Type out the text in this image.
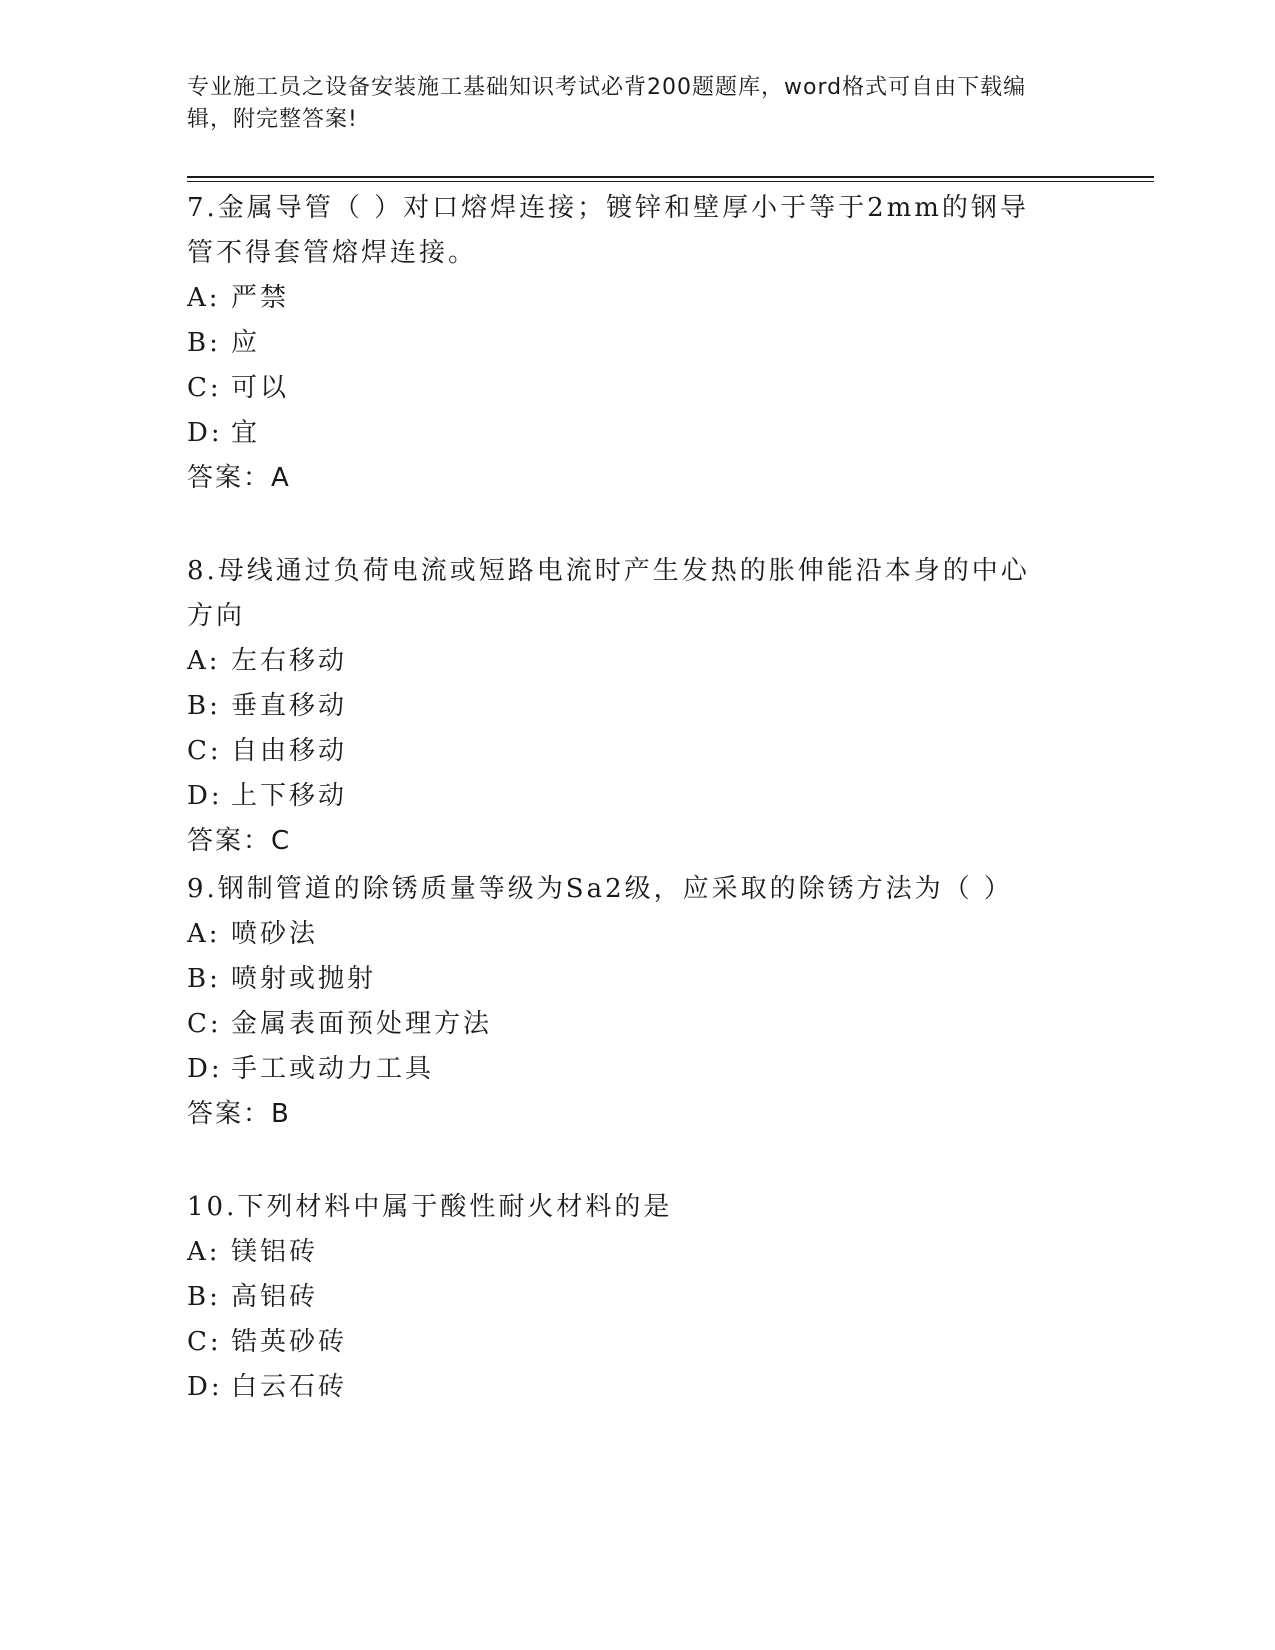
专业施工员之设备安装施工基础知识考试必背200题题库，word格式可自由下载编辑，附完整答案!

7.金属导管（ ）对口熔焊连接；镀锌和壁厚小于等于2mm的钢导管不得套管熔焊连接。

A: 严禁

B: 应

C: 可以

D: 宜

答案：A

8.母线通过负荷电流或短路电流时产生发热的胀伸能沿本身的中心方向

A: 左右移动

B: 垂直移动

C: 自由移动

D: 上下移动

答案：C

9.钢制管道的除锈质量等级为Sa2级，应采取的除锈方法为（ ）

A: 喷砂法

B: 喷射或抛射

C: 金属表面预处理方法

D: 手工或动力工具

答案：B

10.下列材料中属于酸性耐火材料的是

A: 镁铝砖

B: 高铝砖

C: 锆英砂砖

D: 白云石砖
